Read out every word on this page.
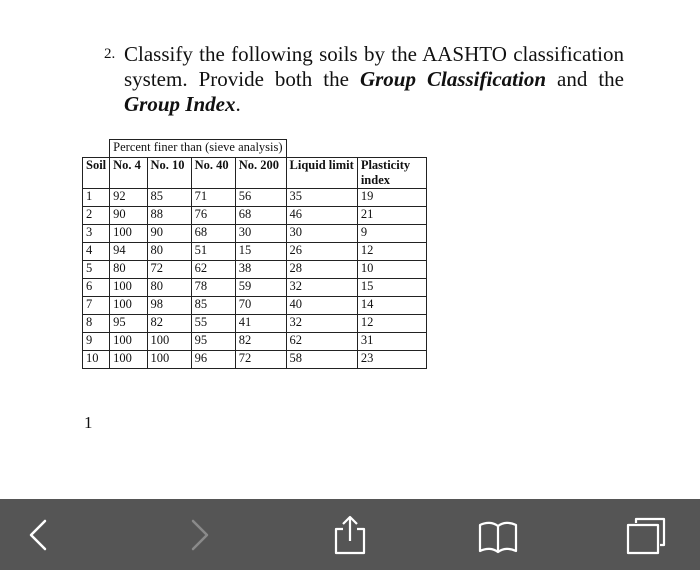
2. Classify the following soils by the AASHTO classification
system. Provide both the Group Classification and the
Group Index.
	Percent finer than (sieve analysis)					
Soil	No. 4	No. 10	No. 40	No. 200	Liquid limit	Plasticity index
1	92	85	71	56	35	19
2	90	88	76	68	46	21
3	100	90	68	30	30	9
4	94	80	51	15	26	12
5	80	72	62	38	28	10
6	100	80	78	59	32	15
7	100	98	85	70	40	14
8	95	82	55	41	32	12
9	100	100	95	82	62	31
10	100	100	96	72	58	23
1
